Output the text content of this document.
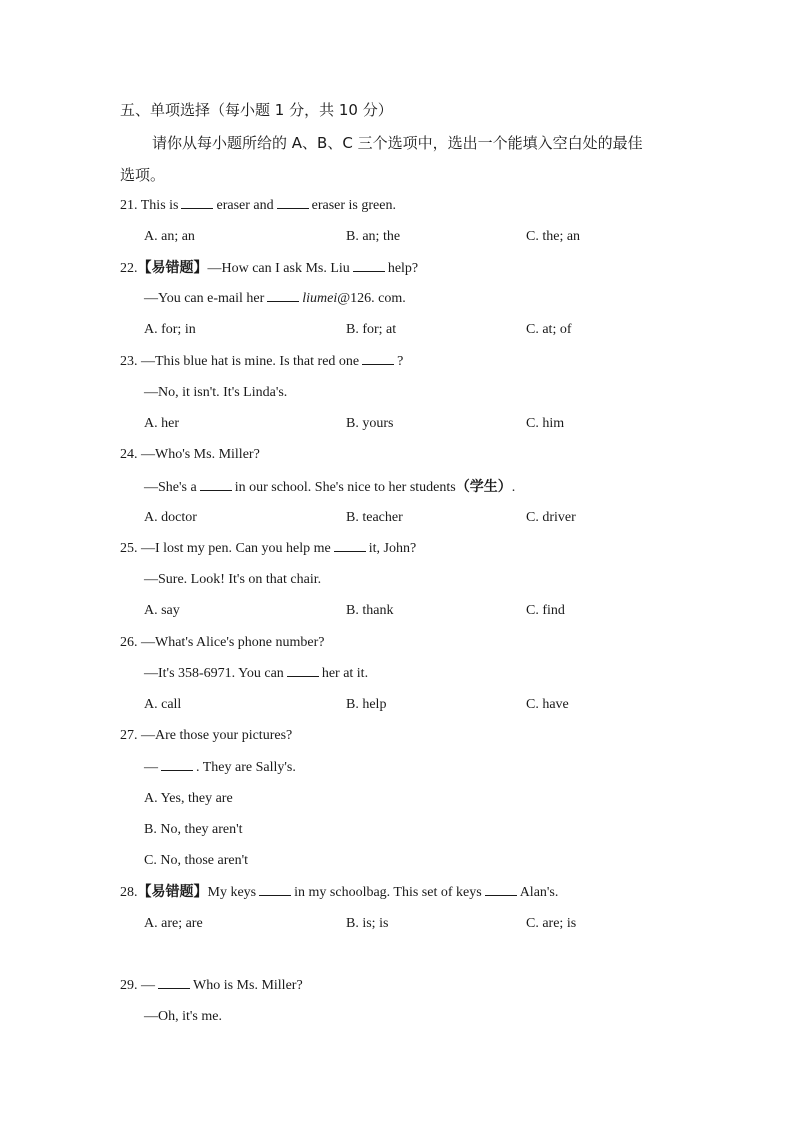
五、单项选择（每小题 1 分，共 10 分）
请你从每小题所给的 A、B、C 三个选项中，选出一个能填入空白处的最佳
选项。
21. This is	eraser and	eraser is green.
A. an; an	B. an; the	C. the; an
22.【易错题】—How can I ask Ms. Liu	help?
—You can e-mail her	liumei@126. com.
A. for; in	B. for; at	C. at; of
23. —This blue hat is mine. Is that red one	?
—No, it isn't. It's Linda's.
A. her	B. yours	C. him
24. —Who's Ms. Miller?
—She's a	in our school. She's nice to her students（学生）.
A. doctor	B. teacher	C. driver
25. —I lost my pen. Can you help me	it, John?
—Sure. Look! It's on that chair.
A. say	B. thank	C. find
26. —What's Alice's phone number?
—It's 358-6971. You can	her at it.
A. call	B. help	C. have
27. —Are those your pictures?
—	. They are Sally's.
A. Yes, they are
B. No, they aren't
C. No, those aren't
28.【易错题】My keys	in my schoolbag. This set of keys	Alan's.
A. are; are	B. is; is	C. are; is
29. —	Who is Ms. Miller?
—Oh, it's me.
